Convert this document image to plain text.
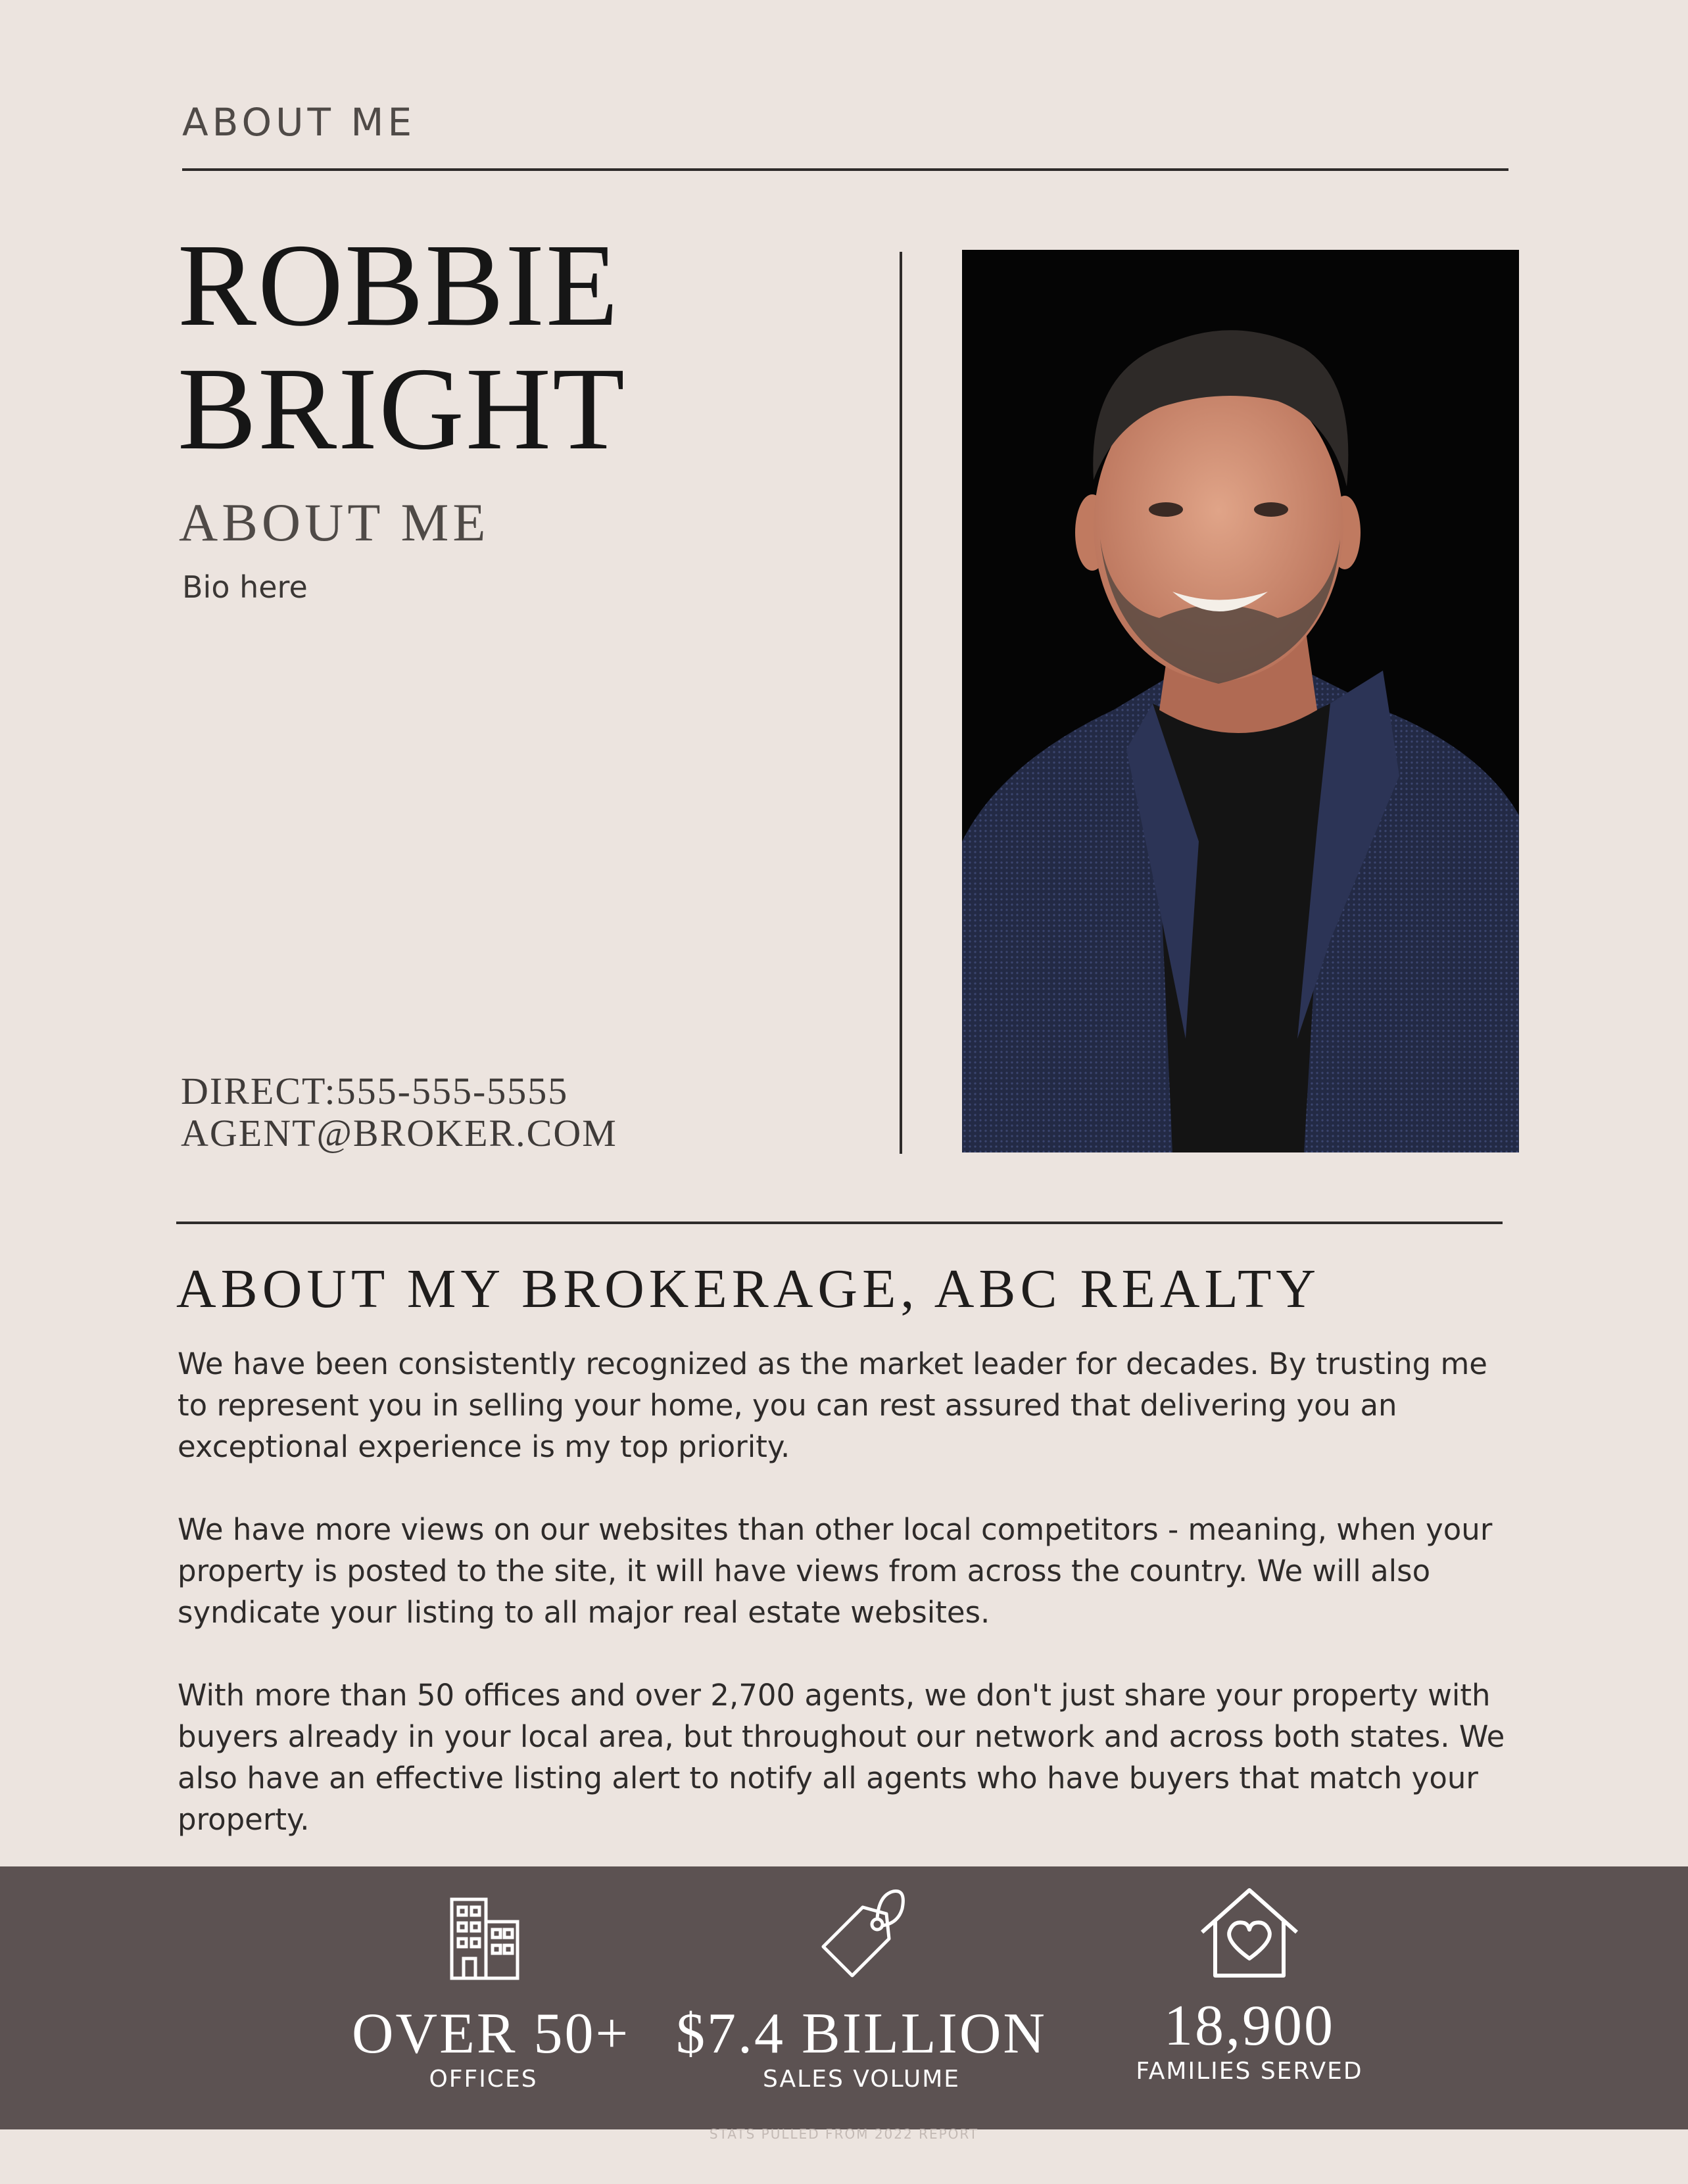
ABOUT ME
ROBBIE
BRIGHT
ABOUT ME
Bio here
DIRECT:555-555-5555
AGENT@BROKER.COM
ABOUT MY BROKERAGE, ABC REALTY

We have been consistently recognized as the market leader for decades. By trusting me to represent you in selling your home, you can rest assured that delivering you an exceptional experience is my top priority.

We have more views on our websites than other local competitors - meaning, when your property is posted to the site, it will have views from across the country. We will also syndicate your listing to all major real estate websites.

With more than 50 offices and over 2,700 agents, we don't just share your property with buyers already in your local area, but throughout our network and across both states. We also have an effective listing alert to notify all agents who have buyers that match your property.

OVER 50+
OFFICES
$7.4 BILLION
SALES VOLUME
18,900
FAMILIES SERVED
STATS PULLED FROM 2022 REPORT
